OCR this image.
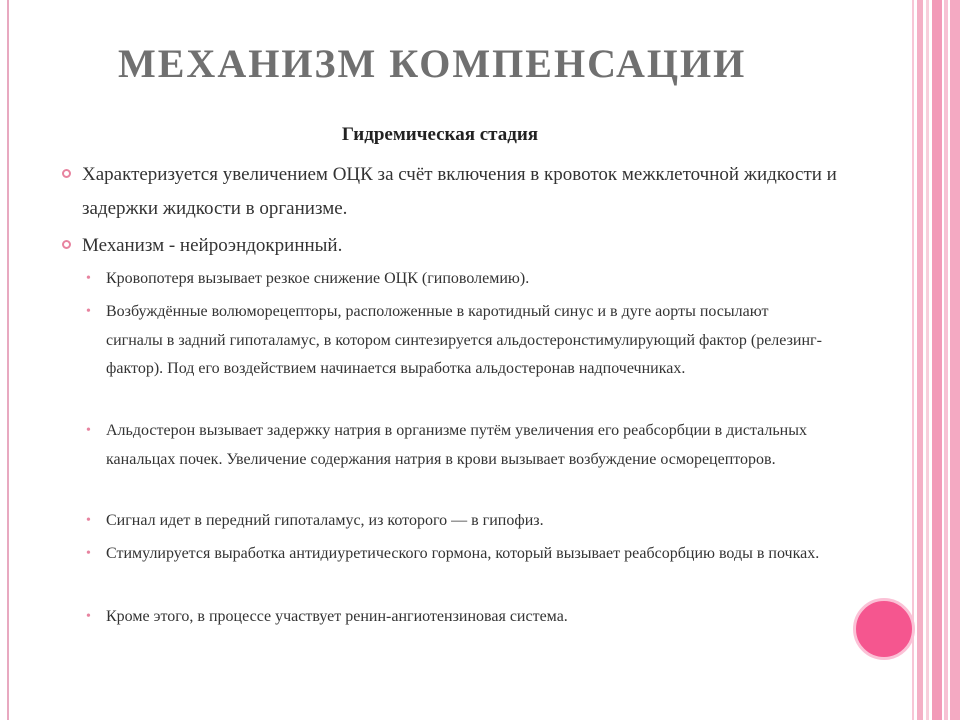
МЕХАНИЗМ КОМПЕНСАЦИИ
Гидремическая стадия
Характеризуется увеличением ОЦК за счёт включения в кровоток межклеточной жидкости и задержки жидкости в организме.
Механизм - нейроэндокринный.
• Кровопотеря вызывает резкое снижение ОЦК (гиповолемию).
• Возбуждённые волюморецепторы, расположенные в каротидный синус и в дуге аорты посылают сигналы в задний гипоталамус, в котором синтезируется альдостеронстимулирующий фактор (релезинг-фактор). Под его воздействием начинается выработка альдостеронав надпочечниках.
• Альдостерон вызывает задержку натрия в организме путём увеличения его реабсорбции в дистальных канальцах почек. Увеличение содержания натрия в крови вызывает возбуждение осморецепторов.
• Сигнал идет в передний гипоталамус, из которого — в гипофиз.
• Стимулируется выработка антидиуретического гормона, который вызывает реабсорбцию воды в почках.
• Кроме этого, в процессе участвует ренин-ангиотензиновая система.
